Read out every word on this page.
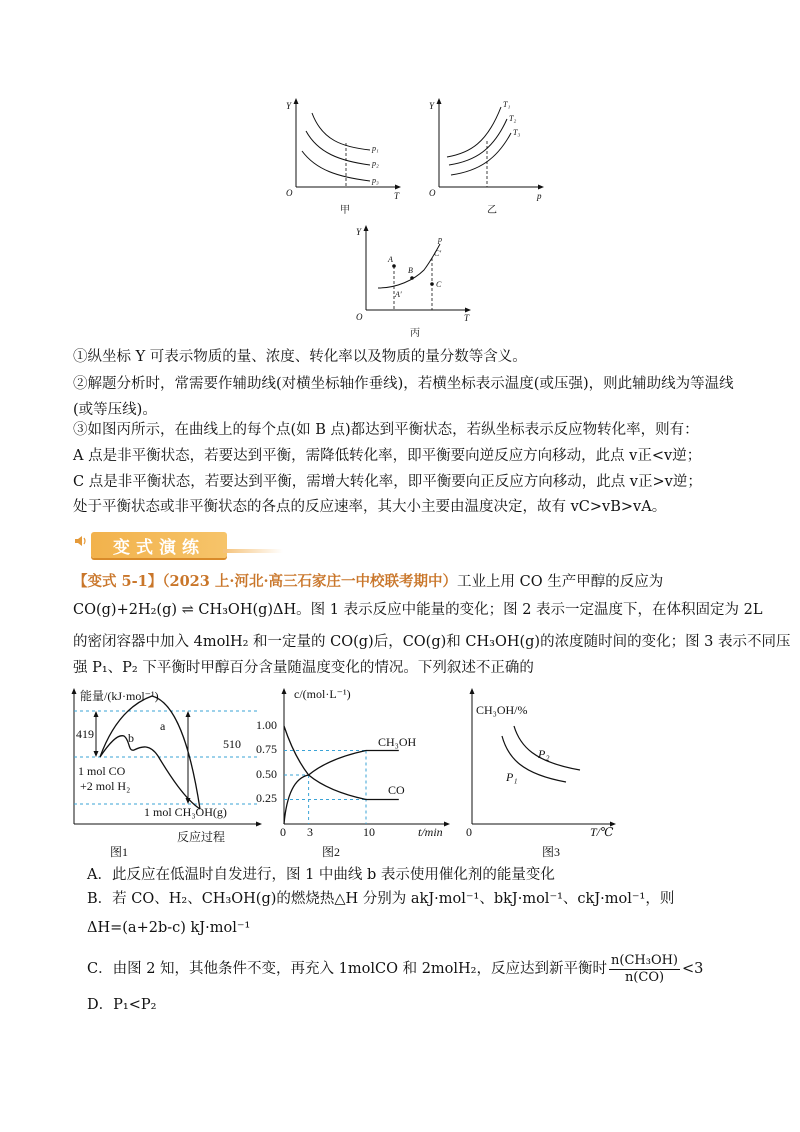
Y
O	T
p₁
p₂
p₃
甲
Y
O	p
T₁
T₂
T₃
乙
Y
O	T
p
A
B
C
A′
C′
丙
①纵坐标 Y 可表示物质的量、浓度、转化率以及物质的量分数等含义。
②解题分析时，常需要作辅助线(对横坐标轴作垂线)，若横坐标表示温度(或压强)，则此辅助线为等温线
(或等压线)。
③如图丙所示，在曲线上的每个点(如 B 点)都达到平衡状态，若纵坐标表示反应物转化率，则有：
A 点是非平衡状态，若要达到平衡，需降低转化率，即平衡要向逆反应方向移动，此点 v正<v逆；
C 点是非平衡状态，若要达到平衡，需增大转化率，即平衡要向正反应方向移动，此点 v正>v逆；
处于平衡状态或非平衡状态的各点的反应速率，其大小主要由温度决定，故有 vC>vB>vA。
变式演练
【变式 5-1】（2023 上·河北·高三石家庄一中校联考期中）工业上用 CO 生产甲醇的反应为
CO(g)+2H₂(g) ⇌ CH₃OH(g)ΔH。图 1 表示反应中能量的变化；图 2 表示一定温度下，在体积固定为 2L
的密闭容器中加入 4molH₂ 和一定量的 CO(g)后，CO(g)和 CH₃OH(g)的浓度随时间的变化；图 3 表示不同压
强 P₁、P₂ 下平衡时甲醇百分含量随温度变化的情况。下列叙述不正确的
能量/(kJ·mol⁻¹)
419
510
a
b
1 mol CO
+2 mol H₂
1 mol CH₃OH(g)
反应过程
图1
c/(mol·L⁻¹)
1.00
0.75
0.50
0.25
0 3	10	t/min
CH₃OH
CO
图2
CH₃OH/%
P₂
P₁
0	T/℃
图3
A．此反应在低温时自发进行，图 1 中曲线 b 表示使用催化剂的能量变化
B．若 CO、H₂、CH₃OH(g)的燃烧热△H 分别为 akJ·mol⁻¹、bkJ·mol⁻¹、ckJ·mol⁻¹，则
ΔH=(a+2b-c) kJ·mol⁻¹
C．由图 2 知，其他条件不变，再充入 1molCO 和 2molH₂，反应达到新平衡时 $\frac{\text{n(CH₃OH)}}{n(CO)} <3$
D．P₁<P₂
